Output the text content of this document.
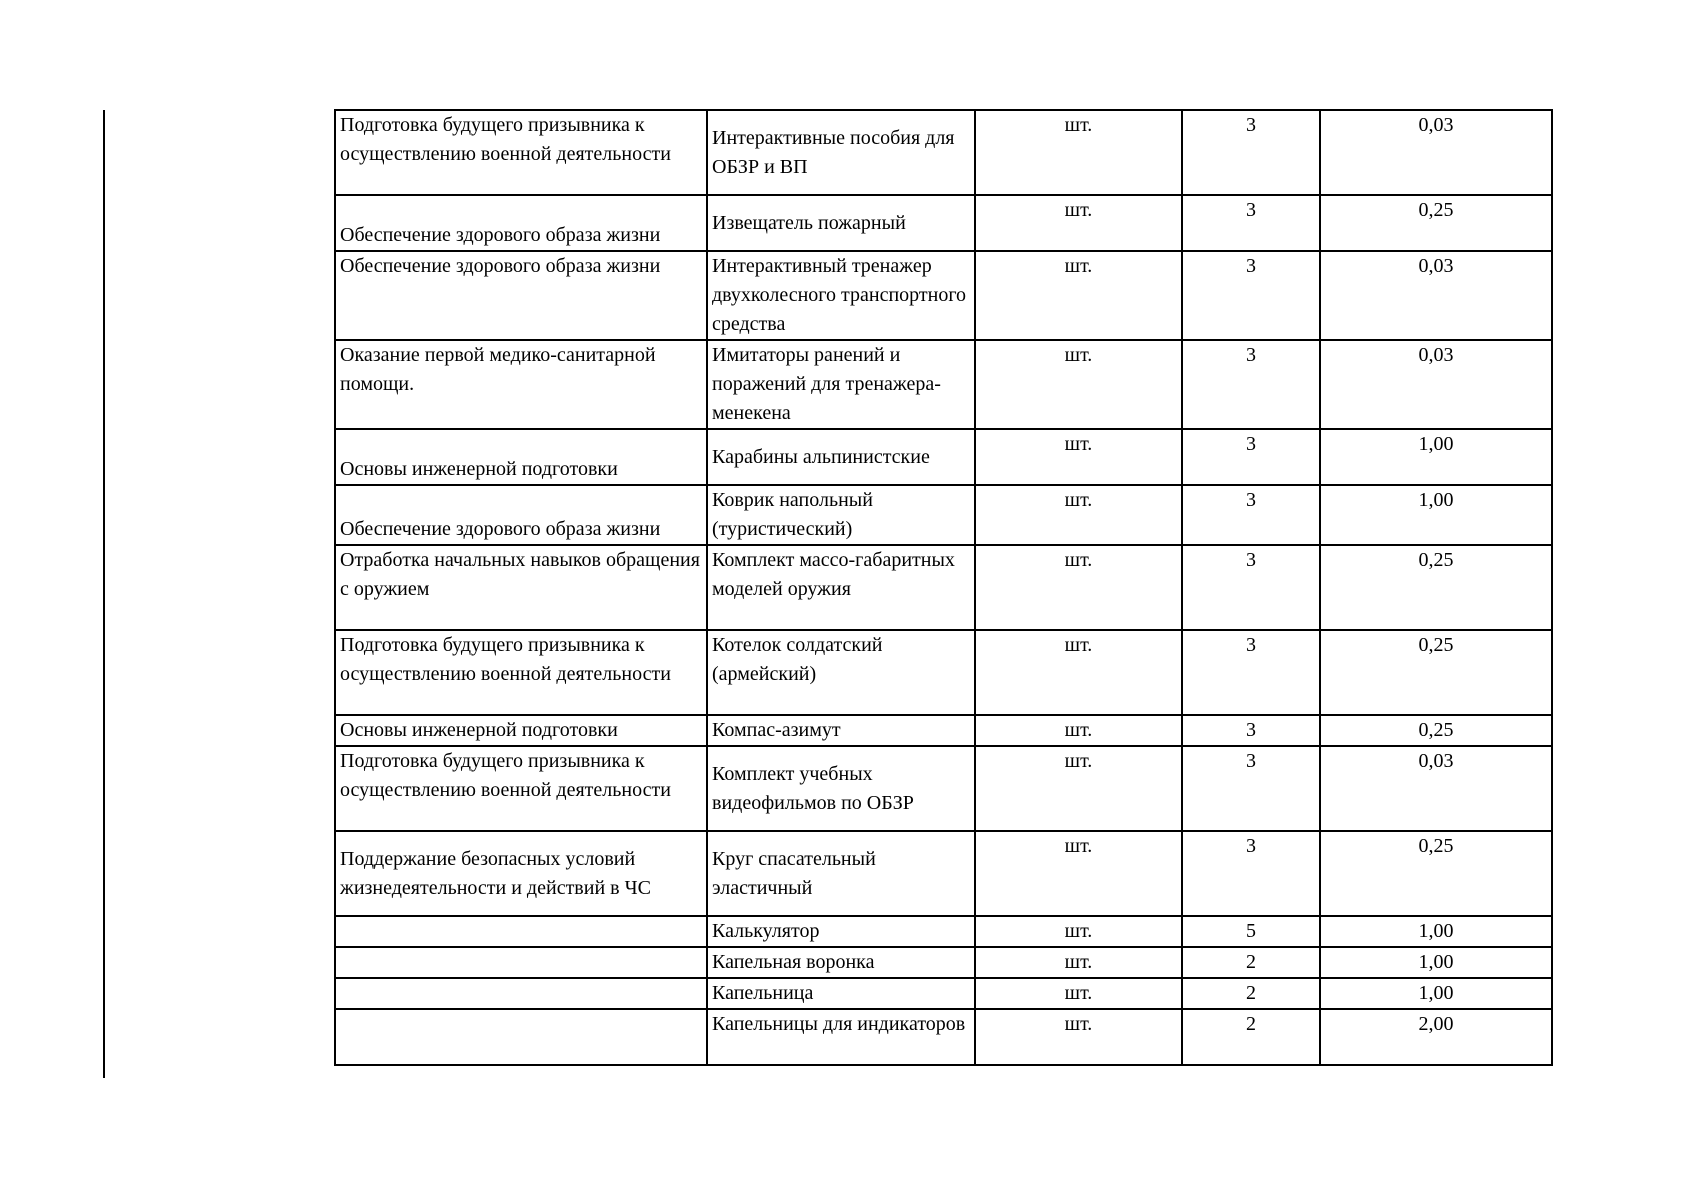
Подготовка будущего призывника к осуществлению военной деятельности	Интерактивные пособия для ОБЗР и ВП	шт.	3	0,03
Обеспечение здорового образа жизни	Извещатель пожарный	шт.	3	0,25
Обеспечение здорового образа жизни	Интерактивный тренажер двухколесного транспортного средства	шт.	3	0,03
Оказание первой медико-санитарной помощи.	Имитаторы ранений и поражений для тренажера-менекена	шт.	3	0,03
Основы инженерной подготовки	Карабины альпинистские	шт.	3	1,00
Обеспечение здорового образа жизни	Коврик напольный (туристический)	шт.	3	1,00
Отработка начальных навыков обращения с оружием	Комплект массо-габаритных моделей оружия	шт.	3	0,25
Подготовка будущего призывника к осуществлению военной деятельности	Котелок солдатский (армейский)	шт.	3	0,25
Основы инженерной подготовки	Компас-азимут	шт.	3	0,25
Подготовка будущего призывника к осуществлению военной деятельности	Комплект учебных видеофильмов по ОБЗР	шт.	3	0,03
Поддержание безопасных условий жизнедеятельности и действий в ЧС	Круг спасательный эластичный	шт.	3	0,25
	Калькулятор	шт.	5	1,00
	Капельная воронка	шт.	2	1,00
	Капельница	шт.	2	1,00
	Капельницы для индикаторов	шт.	2	2,00
